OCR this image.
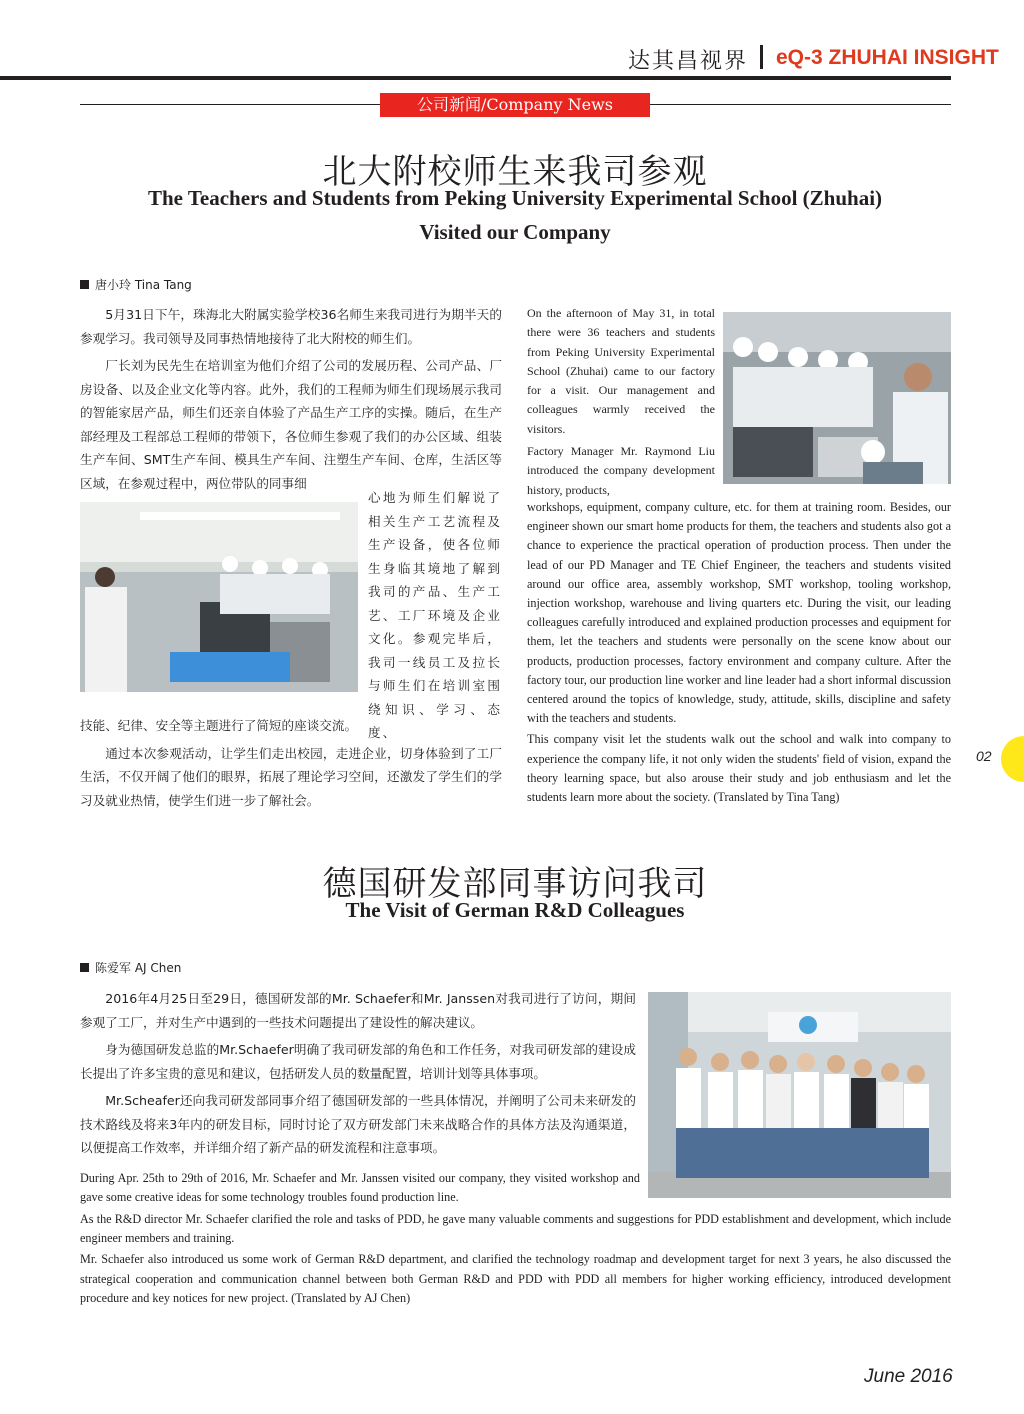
达其昌视界 eQ-3 ZHUHAI INSIGHT
公司新闻/Company News
北大附校师生来我司参观
The Teachers and Students from Peking University Experimental School (Zhuhai)
Visited our Company
唐小玲 Tina Tang

5月31日下午，珠海北大附属实验学校36名师生来我司进行为期半天的参观学习。我司领导及同事热情地接待了北大附校的师生们。

厂长刘为民先生在培训室为他们介绍了公司的发展历程、公司产品、厂房设备、以及企业文化等内容。此外，我们的工程师为师生们现场展示我司的智能家居产品，师生们还亲自体验了产品生产工序的实操。随后，在生产部经理及工程部总工程师的带领下，各位师生参观了我们的办公区域、组装生产车间、SMT生产车间、模具生产车间、注塑生产车间、仓库，生活区等区域，在参观过程中，两位带队的同事细

心地为师生们解说了相关生产工艺流程及生产设备，使各位师生身临其境地了解到我司的产品、生产工艺、工厂环境及企业文化。参观完毕后，我司一线员工及拉长与师生们在培训室围绕知识、学习、态度、

技能、纪律、安全等主题进行了简短的座谈交流。

通过本次参观活动，让学生们走出校园，走进企业，切身体验到了工厂生活，不仅开阔了他们的眼界，拓展了理论学习空间，还激发了学生们的学习及就业热情，使学生们进一步了解社会。

On the afternoon of May 31, in total there were 36 teachers and students from Peking University Experimental School (Zhuhai) came to our factory for a visit. Our management and colleagues warmly received the visitors.

Factory Manager Mr. Raymond Liu introduced the company development history, products,

workshops, equipment, company culture, etc. for them at training room. Besides, our engineer shown our smart home products for them, the teachers and students also got a chance to experience the practical operation of production process. Then under the lead of our PD Manager and TE Chief Engineer, the teachers and students visited around our office area, assembly workshop, SMT workshop, tooling workshop, injection workshop, warehouse and living quarters etc. During the visit, our leading colleagues carefully introduced and explained production processes and equipment for them, let the teachers and students were personally on the scene know about our products, production processes, factory environment and company culture. After the factory tour, our production line worker and line leader had a short informal discussion centered around the topics of knowledge, study, attitude, skills, discipline and safety with the teachers and students.

This company visit let the students walk out the school and walk into company to experience the company life, it not only widen the students' field of vision, expand the theory learning space, but also arouse their study and job enthusiasm and let the students learn more about the society. (Translated by Tina Tang)

02
德国研发部同事访问我司
The Visit of German R&D Colleagues
陈爱军 AJ Chen

2016年4月25日至29日，德国研发部的Mr. Schaefer和Mr. Janssen对我司进行了访问，期间参观了工厂，并对生产中遇到的一些技术问题提出了建设性的解决建议。

身为德国研发总监的Mr.Schaefer明确了我司研发部的角色和工作任务，对我司研发部的建设成长提出了许多宝贵的意见和建议，包括研发人员的数量配置，培训计划等具体事项。

Mr.Scheafer还向我司研发部同事介绍了德国研发部的一些具体情况，并阐明了公司未来研发的技术路线及将来3年内的研发目标，同时讨论了双方研发部门未来战略合作的具体方法及沟通渠道，以便提高工作效率，并详细介绍了新产品的研发流程和注意事项。

During Apr. 25th to 29th of 2016, Mr. Schaefer and Mr. Janssen visited our company, they visited workshop and gave some creative ideas for some technology troubles found production line.

As the R&D director Mr. Schaefer clarified the role and tasks of PDD, he gave many valuable comments and suggestions for PDD establishment and development, which include engineer members and training.

Mr. Schaefer also introduced us some work of German R&D department, and clarified the technology roadmap and development target for next 3 years, he also discussed the strategical cooperation and communication channel between both German R&D and PDD with PDD all members for higher working efficiency, introduced development procedure and key notices for new project. (Translated by AJ Chen)

June 2016
